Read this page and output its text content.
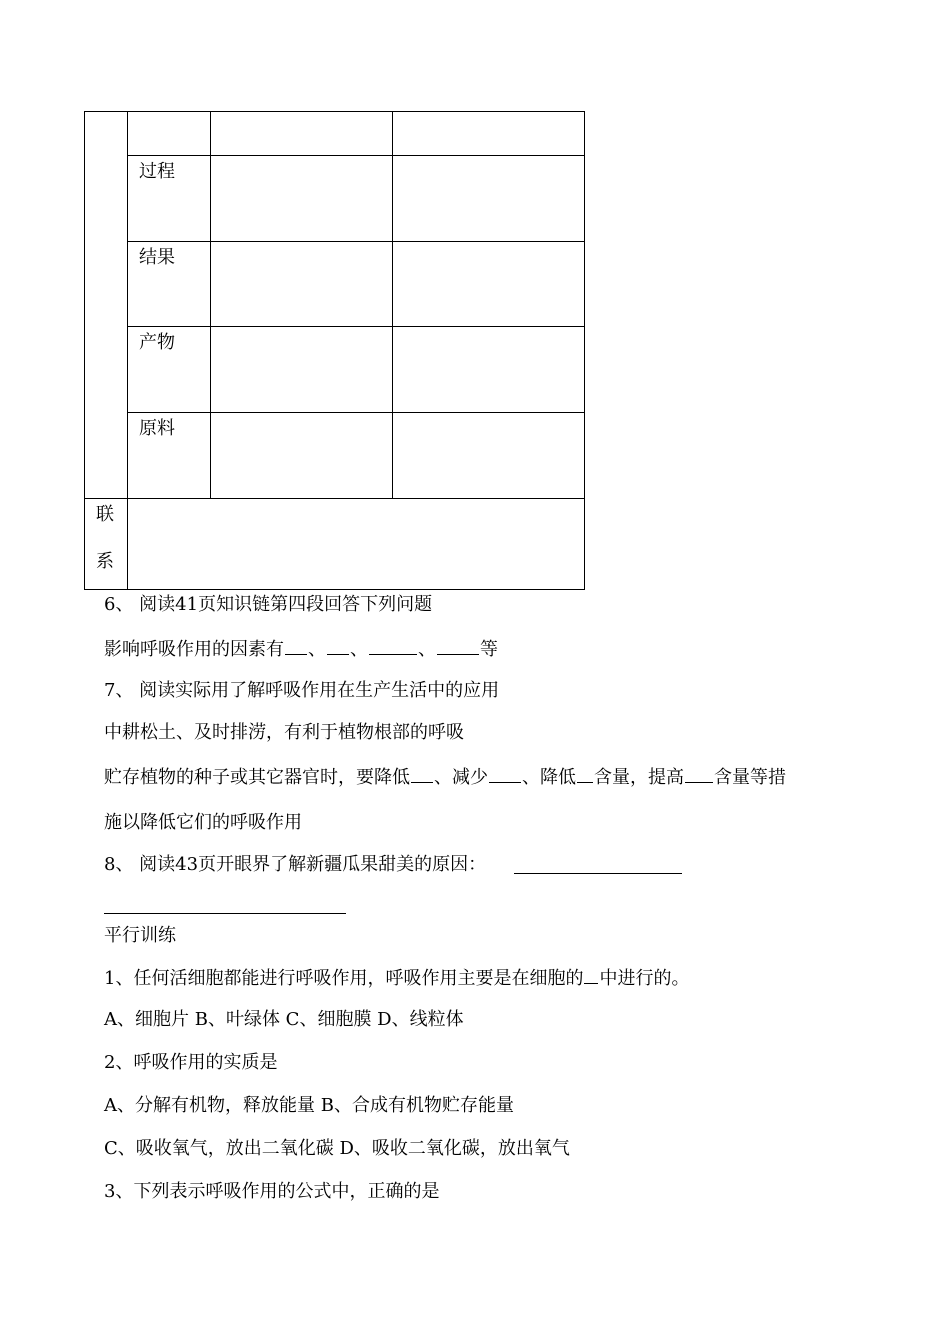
过程
结果
产物
原料
联
系
6、 阅读41页知识链第四段回答下列问题
影响呼吸作用的因素有 、 、	、 等
7、 阅读实际用了解呼吸作用在生产生活中的应用
中耕松土、及时排涝，有利于植物根部的呼吸
贮存植物的种子或其它器官时，要降低 、减少 、降低 含量，提高 含量等措
施以降低它们的呼吸作用
8、 阅读43页开眼界了解新疆瓜果甜美的原因：
平行训练
1、任何活细胞都能进行呼吸作用，呼吸作用主要是在细胞的 中进行的。
A、细胞片 B、叶绿体 C、细胞膜 D、线粒体
2、呼吸作用的实质是
A、分解有机物，释放能量 B、合成有机物贮存能量
C、吸收氧气，放出二氧化碳 D、吸收二氧化碳，放出氧气
3、下列表示呼吸作用的公式中，正确的是
